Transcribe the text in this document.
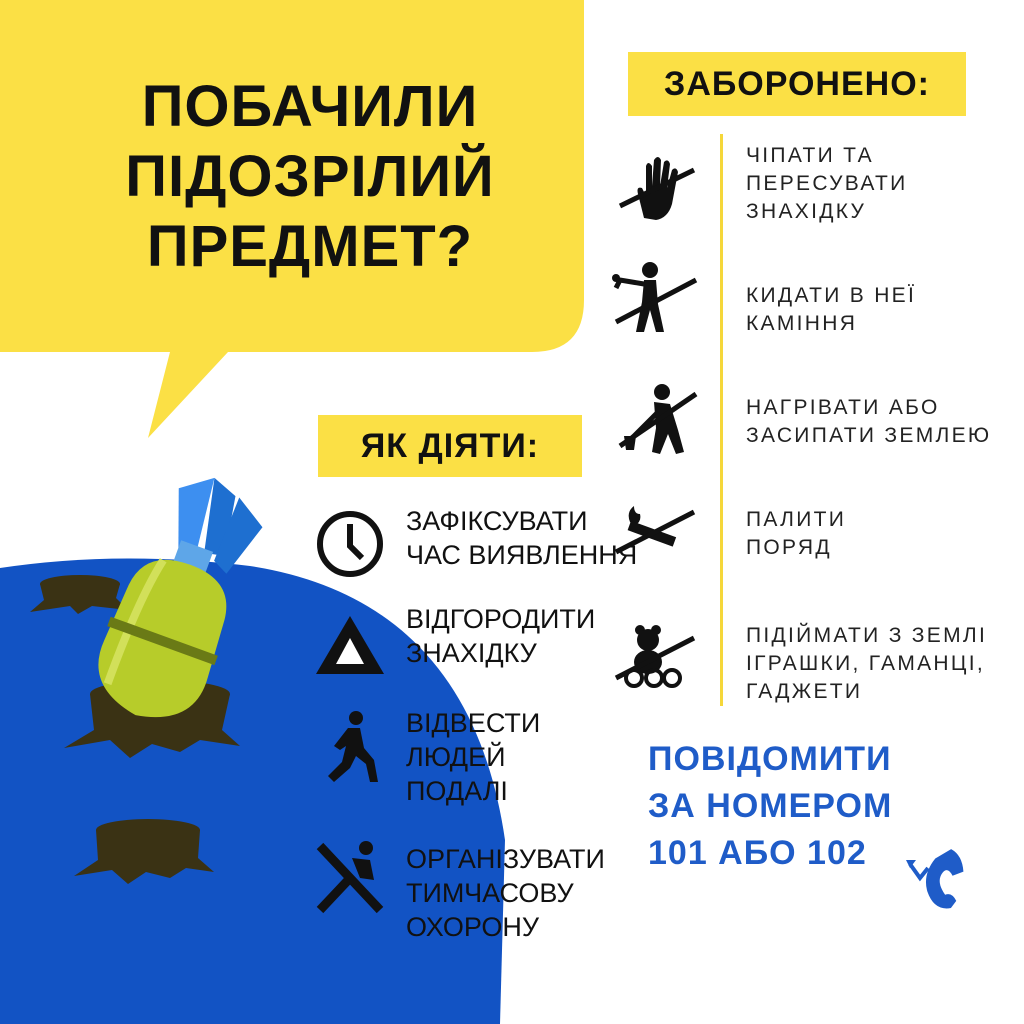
ПОБАЧИЛИ
ПІДОЗРІЛИЙ
ПРЕДМЕТ?
ЗАБОРОНЕНО:
ЧІПАТИ ТА
ПЕРЕСУВАТИ
ЗНАХІДКУ
КИДАТИ В НЕЇ
КАМІННЯ
НАГРІВАТИ АБО
ЗАСИПАТИ ЗЕМЛЕЮ
ПАЛИТИ
ПОРЯД
ПІДІЙМАТИ З ЗЕМЛІ
ІГРАШКИ, ГАМАНЦІ,
ГАДЖЕТИ
ЯК ДІЯТИ:
ЗАФІКСУВАТИ
ЧАС ВИЯВЛЕННЯ
ВІДГОРОДИТИ
ЗНАХІДКУ
ВІДВЕСТИ
ЛЮДЕЙ
ПОДАЛІ
ОРГАНІЗУВАТИ
ТИМЧАСОВУ
ОХОРОНУ
ПОВІДОМИТИ
ЗА НОМЕРОМ
101 АБО 102
